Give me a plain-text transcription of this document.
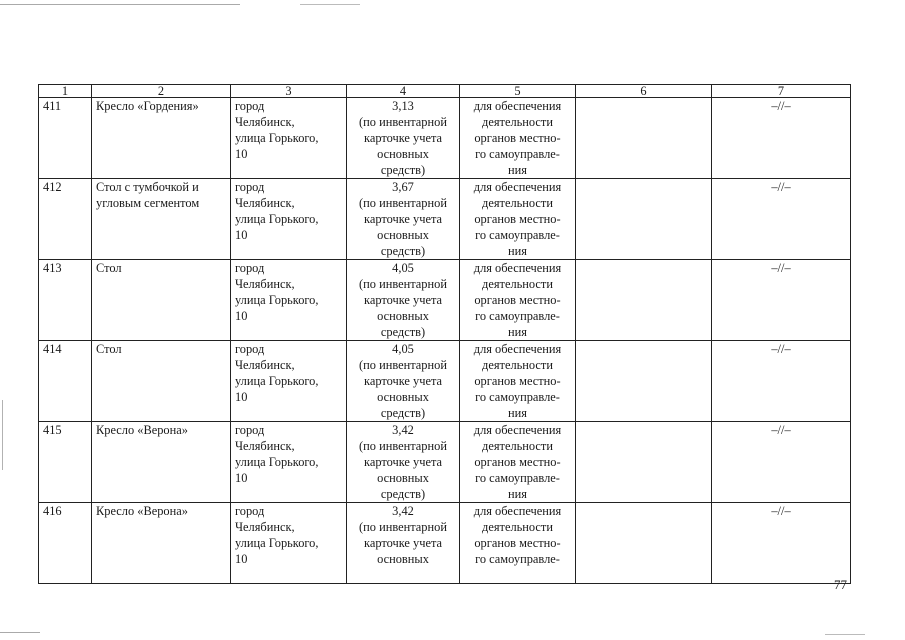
1	2	3	4	5	6	7
411	Кресло «Гордения»	город
Челябинск,
улица Горького,
10	3,13
(по инвентарной
карточке учета
основных
средств)	для обеспечения
деятельности
органов местно-
го самоуправле-
ния		–//–
412	Стол с тумбочкой и
угловым сегментом	город
Челябинск,
улица Горького,
10	3,67
(по инвентарной
карточке учета
основных
средств)	для обеспечения
деятельности
органов местно-
го самоуправле-
ния		–//–
413	Стол	город
Челябинск,
улица Горького,
10	4,05
(по инвентарной
карточке учета
основных
средств)	для обеспечения
деятельности
органов местно-
го самоуправле-
ния		–//–
414	Стол	город
Челябинск,
улица Горького,
10	4,05
(по инвентарной
карточке учета
основных
средств)	для обеспечения
деятельности
органов местно-
го самоуправле-
ния		–//–
415	Кресло «Верона»	город
Челябинск,
улица Горького,
10	3,42
(по инвентарной
карточке учета
основных
средств)	для обеспечения
деятельности
органов местно-
го самоуправле-
ния		–//–
416	Кресло «Верона»	город
Челябинск,
улица Горького,
10	3,42
(по инвентарной
карточке учета
основных	для обеспечения
деятельности
органов местно-
го самоуправле-		–//–
77
